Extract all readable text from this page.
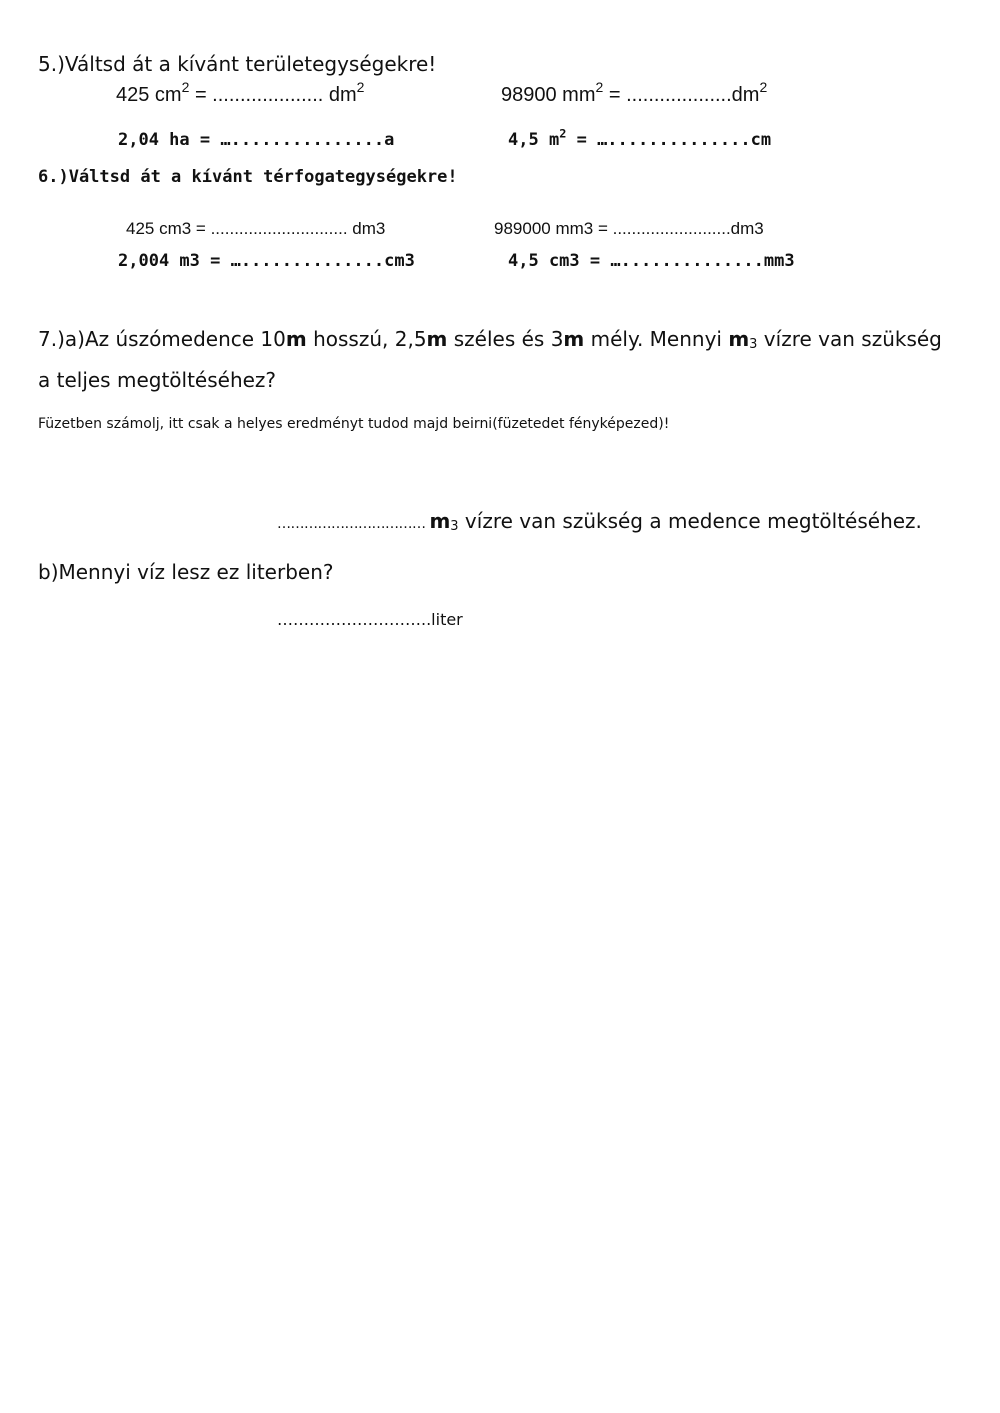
5.)Váltsd át a kívánt területegységekre!
425 $cm^2$ = .................... $dm^2$	98900 $mm^2 = ...................dm^2$
2,04 ha = …...............a	4,5 $m^2$ = …..............cm
6.)Váltsd át a kívánt térfogategységekre!
425 cm3 = ............................. dm3	989000 mm3 = .........................dm3
2,004 m3 = …..............cm3	4,5 cm3 = …..............mm3
7.)a)Az úszómedence 10m hosszú, 2,5m széles és 3m mély. Mennyi $m_3$ vízre van szükség
a teljes megtöltéséhez?
Füzetben számolj, itt csak a helyes eredményt tudod majd beirni(füzetedet fényképezed)!
…………………………… $m_3$ vízre van szükség a medence megtöltéséhez.
b)Mennyi víz lesz ez literben?
………………………..liter
